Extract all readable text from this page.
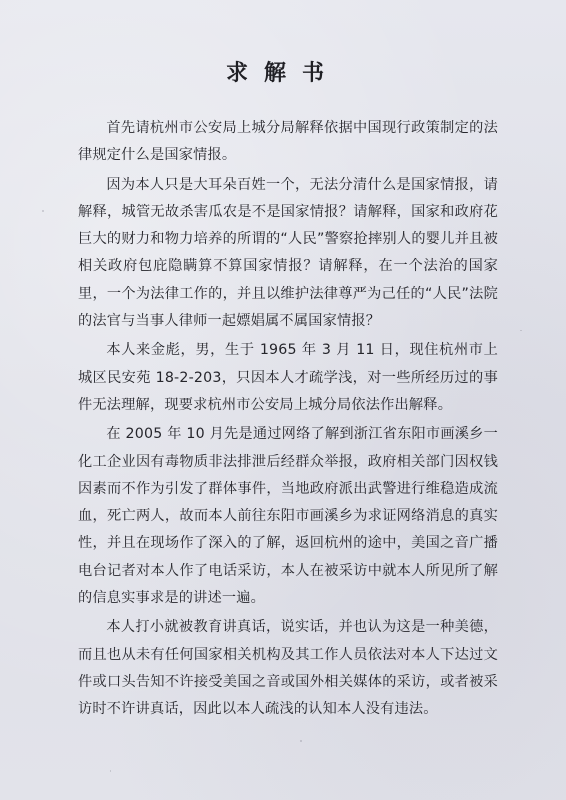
求解书

首先请杭州市公安局上城分局解释依据中国现行政策制定的法律规定什么是国家情报。

因为本人只是大耳朵百姓一个，无法分清什么是国家情报，请解释，城管无故杀害瓜农是不是国家情报？请解释，国家和政府花巨大的财力和物力培养的所谓的“人民”警察抢摔别人的婴儿并且被相关政府包庇隐瞒算不算国家情报？请解释，在一个法治的国家里，一个为法律工作的，并且以维护法律尊严为己任的“人民”法院的法官与当事人律师一起嫖娼属不属国家情报？

本人来金彪，男，生于 1965 年 3 月 11 日，现住杭州市上城区民安苑 18-2-203，只因本人才疏学浅，对一些所经历过的事件无法理解，现要求杭州市公安局上城分局依法作出解释。

在 2005 年 10 月先是通过网络了解到浙江省东阳市画溪乡一化工企业因有毒物质非法排泄后经群众举报，政府相关部门因权钱因素而不作为引发了群体事件，当地政府派出武警进行维稳造成流血，死亡两人，故而本人前往东阳市画溪乡为求证网络消息的真实性，并且在现场作了深入的了解，返回杭州的途中，美国之音广播电台记者对本人作了电话采访，本人在被采访中就本人所见所了解的信息实事求是的讲述一遍。

本人打小就被教育讲真话，说实话，并也认为这是一种美德，而且也从未有任何国家相关机构及其工作人员依法对本人下达过文件或口头告知不许接受美国之音或国外相关媒体的采访，或者被采访时不许讲真话，因此以本人疏浅的认知本人没有违法。
